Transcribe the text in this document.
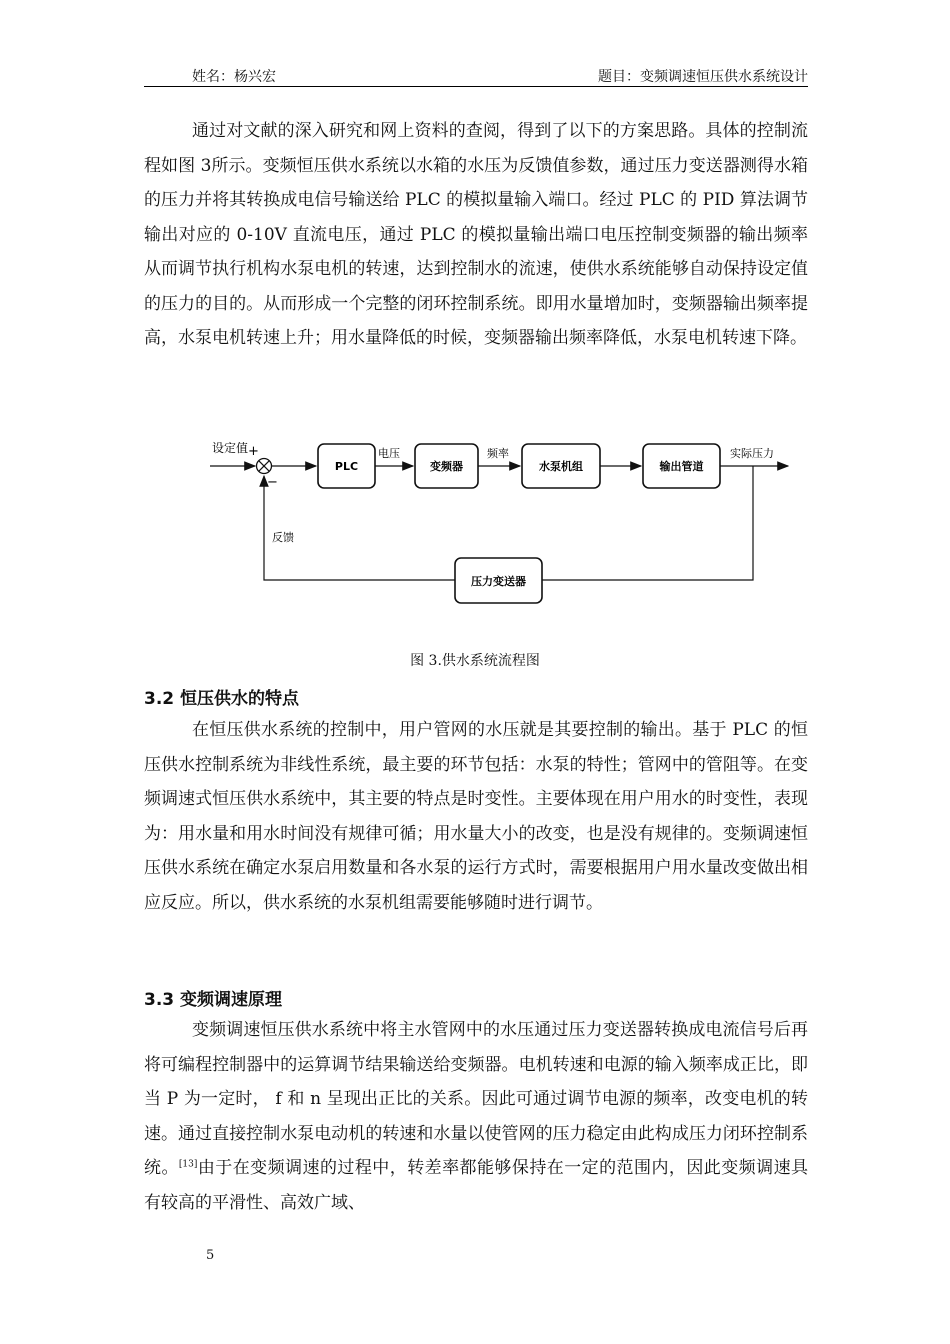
姓名：杨兴宏	题目：变频调速恒压供水系统设计

通过对文献的深入研究和网上资料的查阅，得到了以下的方案思路。具体的控制流程如图 3所示。变频恒压供水系统以水箱的水压为反馈值参数，通过压力变送器测得水箱的压力并将其转换成电信号输送给 PLC 的模拟量输入端口。经过 PLC 的 PID 算法调节输出对应的 0-10V 直流电压，通过 PLC 的模拟量输出端口电压控制变频器的输出频率从而调节执行机构水泵电机的转速，达到控制水的流速，使供水系统能够自动保持设定值的压力的目的。从而形成一个完整的闭环控制系统。即用水量增加时，变频器输出频率提高，水泵电机转速上升；用水量降低的时候，变频器输出频率降低，水泵电机转速下降。

设定值 +
−
PLC
电压
变频器
频率
水泵机组	输出管道
实际压力
压力变送器
反馈
图 3.供水系统流程图
3.2 恒压供水的特点

在恒压供水系统的控制中，用户管网的水压就是其要控制的输出。基于 PLC 的恒压供水控制系统为非线性系统，最主要的环节包括：水泵的特性；管网中的管阻等。在变频调速式恒压供水系统中，其主要的特点是时变性。主要体现在用户用水的时变性，表现为：用水量和用水时间没有规律可循；用水量大小的改变，也是没有规律的。变频调速恒压供水系统在确定水泵启用数量和各水泵的运行方式时，需要根据用户用水量改变做出相应反应。所以，供水系统的水泵机组需要能够随时进行调节。

3.3 变频调速原理

变频调速恒压供水系统中将主水管网中的水压通过压力变送器转换成电流信号后再将可编程控制器中的运算调节结果输送给变频器。电机转速和电源的输入频率成正比，即当 P 为一定时， f 和 n 呈现出正比的关系。因此可通过调节电源的频率，改变电机的转速。通过直接控制水泵电动机的转速和水量以使管网的压力稳定由此构成压力闭环控制系统。[13]由于在变频调速的过程中，转差率都能够保持在一定的范围内，因此变频调速具有较高的平滑性、高效广域、

5
